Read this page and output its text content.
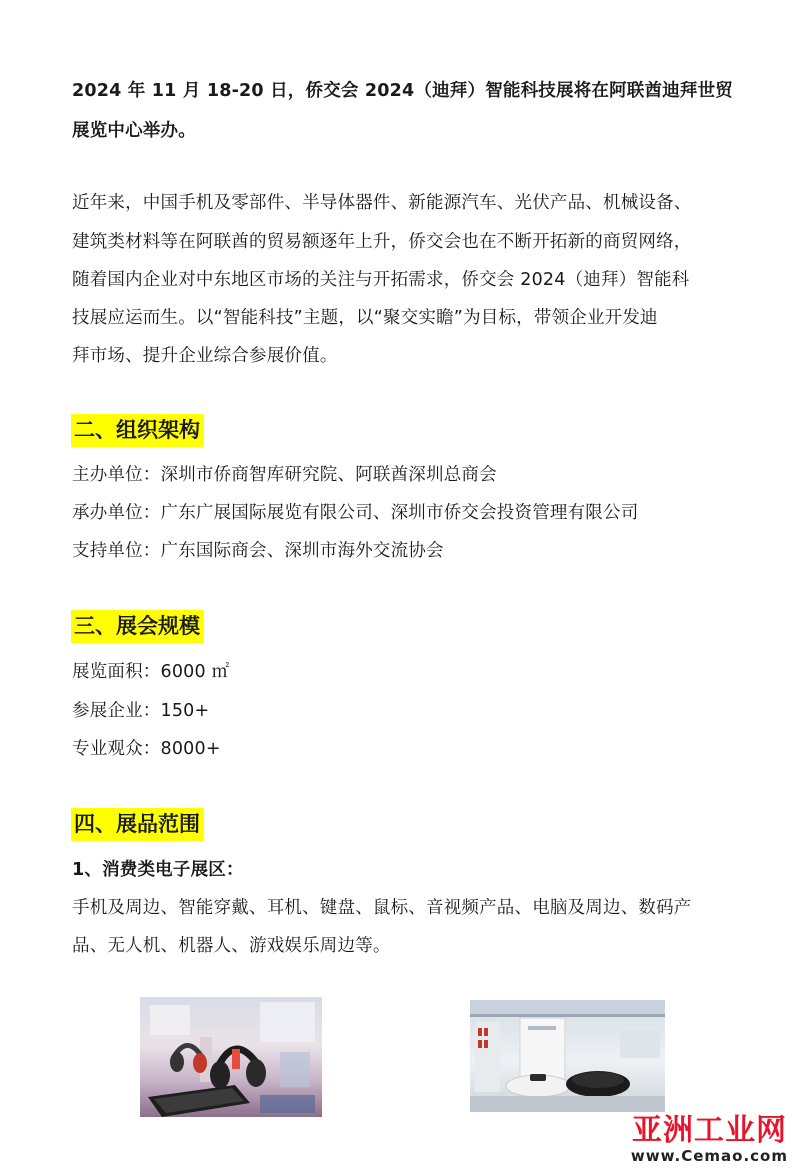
2024 年 11 月 18-20 日，侨交会 2024（迪拜）智能科技展将在阿联酋迪拜世贸
展览中心举办。
近年来，中国手机及零部件、半导体器件、新能源汽车、光伏产品、机械设备、
建筑类材料等在阿联酋的贸易额逐年上升，侨交会也在不断开拓新的商贸网络，
随着国内企业对中东地区市场的关注与开拓需求，侨交会 2024（迪拜）智能科
技展应运而生。以“智能科技”主题，以“聚交实瞻”为目标，带领企业开发迪
拜市场、提升企业综合参展价值。
二、组织架构
主办单位：深圳市侨商智库研究院、阿联酋深圳总商会
承办单位：广东广展国际展览有限公司、深圳市侨交会投资管理有限公司
支持单位：广东国际商会、深圳市海外交流协会
三、展会规模
展览面积：6000 ㎡
参展企业：150+
专业观众：8000+
四、展品范围
1、消费类电子展区：
手机及周边、智能穿戴、耳机、键盘、鼠标、音视频产品、电脑及周边、数码产
品、无人机、机器人、游戏娱乐周边等。
亚洲工业网
www.Cemao.com
